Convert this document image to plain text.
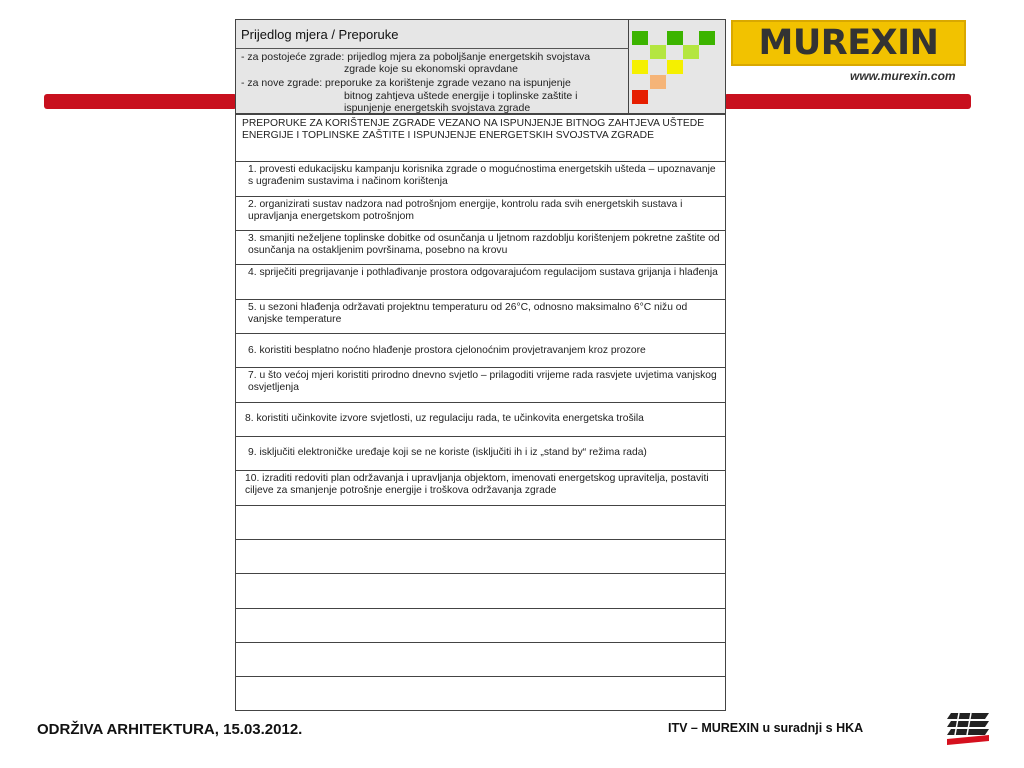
MUREXIN
www.murexin.com
Prijedlog mjera / Preporuke
- za postojeće zgrade: prijedlog mjera za poboljšanje energetskih svojstava
zgrade koje su ekonomski opravdane
- za nove zgrade: preporuke za korištenje zgrade vezano na ispunjenje
bitnog zahtjeva uštede energije i toplinske zaštite i
ispunjenje energetskih svojstava zgrade
PREPORUKE ZA KORIŠTENJE ZGRADE VEZANO NA ISPUNJENJE BITNOG ZAHTJEVA UŠTEDE ENERGIJE I TOPLINSKE ZAŠTITE I ISPUNJENJE ENERGETSKIH SVOJSTVA ZGRADE
1. provesti edukacijsku kampanju korisnika zgrade o mogućnostima energetskih ušteda – upoznavanje s ugrađenim sustavima i načinom korištenja
2. organizirati sustav nadzora nad potrošnjom energije, kontrolu rada svih energetskih sustava i upravljanja energetskom potrošnjom
3. smanjiti neželjene toplinske dobitke od osunčanja u ljetnom razdoblju korištenjem pokretne zaštite od osunčanja na ostakljenim površinama, posebno na krovu
4. spriječiti pregrijavanje i pothlađivanje prostora odgovarajućom regulacijom sustava grijanja i hlađenja
5. u sezoni hlađenja održavati projektnu temperaturu od 26°C, odnosno maksimalno 6°C nižu od vanjske temperature
6. koristiti besplatno noćno hlađenje prostora cjelonoćnim provjetravanjem kroz prozore
7. u što većoj mjeri koristiti prirodno dnevno svjetlo – prilagoditi vrijeme rada rasvjete uvjetima vanjskog osvjetljenja
8. koristiti učinkovite izvore svjetlosti, uz regulaciju rada, te učinkovita energetska trošila
9. isključiti elektroničke uređaje koji se ne koriste (isključiti ih i iz „stand by“ režima rada)
10. izraditi redoviti plan održavanja i upravljanja objektom, imenovati energetskog upravitelja, postaviti ciljeve za smanjenje potrošnje energije i troškova održavanja zgrade
ODRŽIVA ARHITEKTURA, 15.03.2012.	ITV – MUREXIN u suradnji s HKA
